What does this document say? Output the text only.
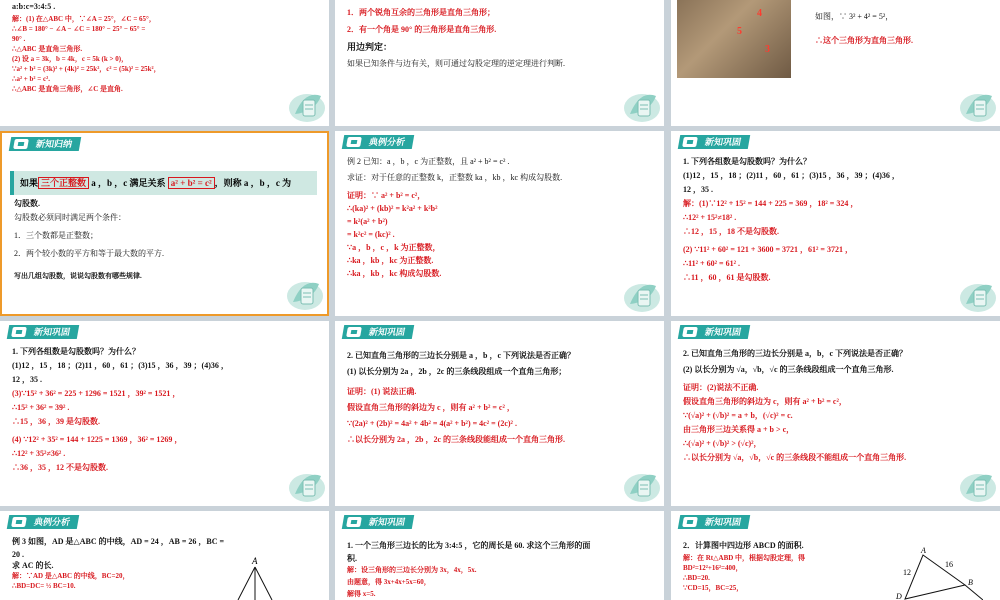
a:b:c=3:4:5 .
解：(1) 在△ABC 中，∵∠A = 25°，∠C = 65°，
∴∠B = 180° − ∠A − ∠C = 180° − 25° − 65° =
90° .
∴△ABC 是直角三角形.
(2) 设 a = 3k，b = 4k，c = 5k (k > 0)，
∵a² + b² = (3k)² + (4k)² = 25k²，c² = (5k)² = 25k²，
∴a² + b² = c².
∴△ABC 是直角三角形，∠C 是直角.
1．两个锐角互余的三角形是直角三角形；
2．有一个角是 90° 的三角形是直角三角形.
用边判定：
如果已知条件与边有关，则可通过勾股定理的逆定理进行判断.
4
5
3
如图，∵ 3² + 4² = 5²，
∴这个三角形为直角三角形.
新知归纳
如果 三个正整数 a ，b ，c 满足关系 a² + b² = c² ，则称 a ，b ，c 为
勾股数.
勾股数必须同时满足两个条件：
1．三个数都是正整数；
2．两个较小数的平方和等于最大数的平方.
写出几组勾股数，说说勾股数有哪些规律.
典例分析
例 2 已知：a ，b ，c 为正整数，且 a² + b² = c² .
求证：对于任意的正整数 k，正整数 ka ，kb ，kc 构成勾股数.
证明：∵ a² + b² = c²，
∴(ka)² + (kb)² = k²a² + k²b²
= k²(a² + b²)
= k²c² = (kc)² .
∵a ，b ，c ，k 为正整数，
∴ka ，kb ，kc 为正整数.
∴ka ，kb ，kc 构成勾股数.
新知巩固
1. 下列各组数是勾股数吗？为什么？
(1)12 ，15 ，18 ；(2)11 ，60 ，61 ；(3)15 ，36 ，39 ；(4)36 ，
12 ，35 .
解：(1)∵12² + 15² = 144 + 225 = 369 ，18² = 324 ，
∴12² + 15²≠18² .
∴12 ，15 ，18 不是勾股数.
(2) ∵11² + 60² = 121 + 3600 = 3721 ，61² = 3721 ，
∴11² + 60² = 61² .
∴11 ，60 ，61 是勾股数.
新知巩固
1. 下列各组数是勾股数吗？为什么？
(1)12 ，15 ，18 ；(2)11 ，60 ，61 ；(3)15 ，36 ，39 ；(4)36 ，
12 ，35 .
(3)∵15² + 36² = 225 + 1296 = 1521 ，39² = 1521 ，
∴15² + 36² = 39² .
∴15 ，36 ，39 是勾股数.
(4) ∵12² + 35² = 144 + 1225 = 1369 ，36² = 1269 ，
∴12² + 35²≠36² .
∴36 ，35 ，12 不是勾股数.
新知巩固
2. 已知直角三角形的三边长分别是 a ，b ，c 下列说法是否正确？
(1) 以长分别为 2a ，2b ，2c 的三条线段组成一个直角三角形；
证明：(1) 说法正确.
假设直角三角形的斜边为 c ，则有 a² + b² = c² ，
∵(2a)² + (2b)² = 4a² + 4b² = 4(a² + b²) = 4c² = (2c)² .
∴以长分别为 2a ，2b ，2c 的三条线段能组成一个直角三角形.
新知巩固
2. 已知直角三角形的三边长分别是 a，b，c 下列说法是否正确？
(2) 以长分别为 √a，√b，√c 的三条线段组成一个直角三角形.
证明：(2)说法不正确.
假设直角三角形的斜边为 c，则有 a² + b² = c²，
∵(√a)² + (√b)² = a + b，(√c)² = c.
由三角形三边关系得 a + b > c，
∴(√a)² + (√b)² > (√c)²，
∴以长分别为 √a，√b，√c 的三条线段不能组成一个直角三角形.
典例分析
例 3 如图，AD 是△ABC 的中线，AD = 24 ，AB = 26 ，BC =
20 .
求 AC 的长.
解：∵AD 是△ABC 的中线，BC=20，
∴BD=DC= ½ BC=10.
A
新知巩固
1. 一个三角形三边长的比为 3:4:5 ，它的周长是 60. 求这个三角形的面
积.
解：设三角形的三边长分别为 3x，4x，5x.
由题意，得 3x+4x+5x=60，
解得 x=5.
新知巩固
2．计算图中四边形 ABCD 的面积.
解：在 Rt△ABD 中，根据勾股定理，得
BD²=12²+16²=400，
∴BD=20.
∵CD=15，BC=25，
A
B
D
16
12
